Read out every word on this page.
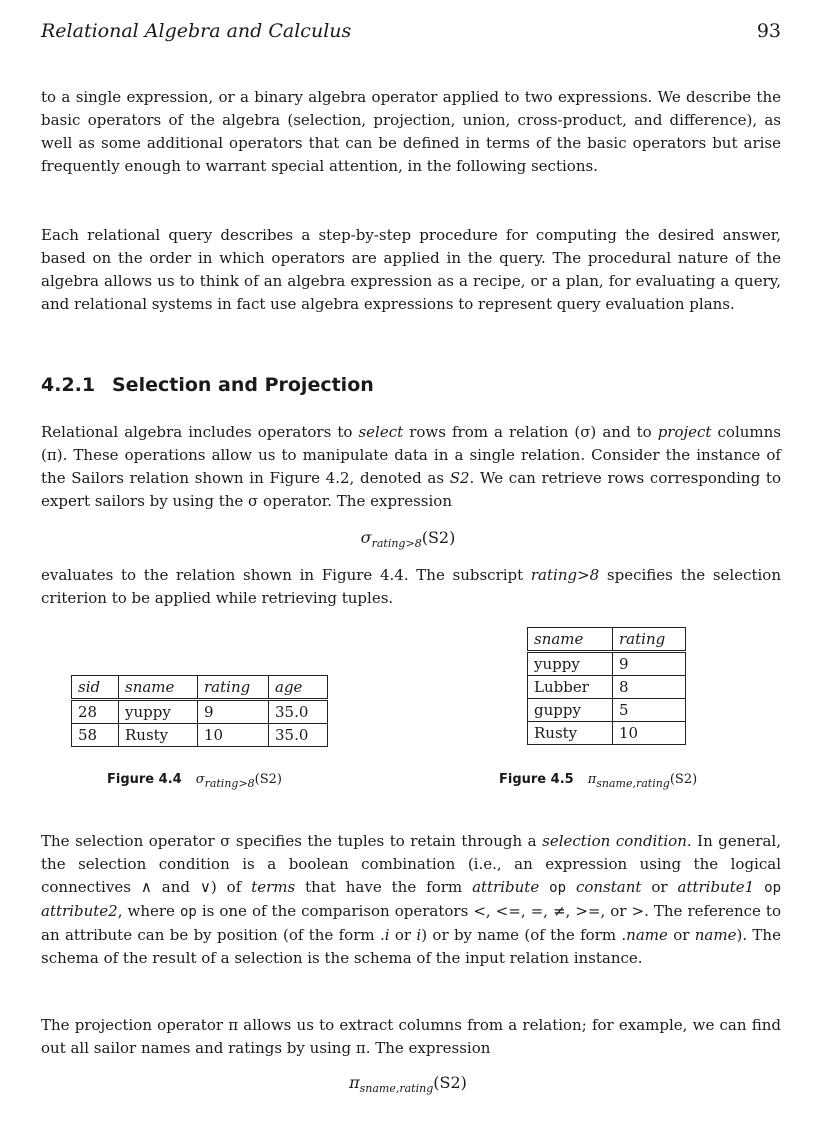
Relational Algebra and Calculus	93

to a single expression, or a binary algebra operator applied to two expressions. We describe the basic operators of the algebra (selection, projection, union, cross-product, and difference), as well as some additional operators that can be defined in terms of the basic operators but arise frequently enough to warrant special attention, in the following sections.

Each relational query describes a step-by-step procedure for computing the desired answer, based on the order in which operators are applied in the query. The procedural nature of the algebra allows us to think of an algebra expression as a recipe, or a plan, for evaluating a query, and relational systems in fact use algebra expressions to represent query evaluation plans.

4.2.1 Selection and Projection

Relational algebra includes operators to select rows from a relation (σ) and to project columns (π). These operations allow us to manipulate data in a single relation. Consider the instance of the Sailors relation shown in Figure 4.2, denoted as S2. We can retrieve rows corresponding to expert sailors by using the σ operator. The expression

$\sigma_{rating>8}(S2)$

evaluates to the relation shown in Figure 4.4. The subscript rating>8 specifies the selection criterion to be applied while retrieving tuples.

sid	sname	rating	age
28	yuppy	9	35.0
58	Rusty	10	35.0
sname	rating
yuppy	9
Lubber	8
guppy	5
Rusty	10
Figure 4.4 $\sigma_{rating>8}(S2)$	Figure 4.5 $\pi_{sname,rating}(S2)$

The selection operator σ specifies the tuples to retain through a selection condition. In general, the selection condition is a boolean combination (i.e., an expression using the logical connectives ∧ and ∨) of terms that have the form attribute op constant or attribute1 op attribute2, where op is one of the comparison operators <, <=, =, ≠, >=, or >. The reference to an attribute can be by position (of the form .i or i) or by name (of the form .name or name). The schema of the result of a selection is the schema of the input relation instance.

The projection operator π allows us to extract columns from a relation; for example, we can find out all sailor names and ratings by using π. The expression

$\pi_{sname,rating}(S2)$
